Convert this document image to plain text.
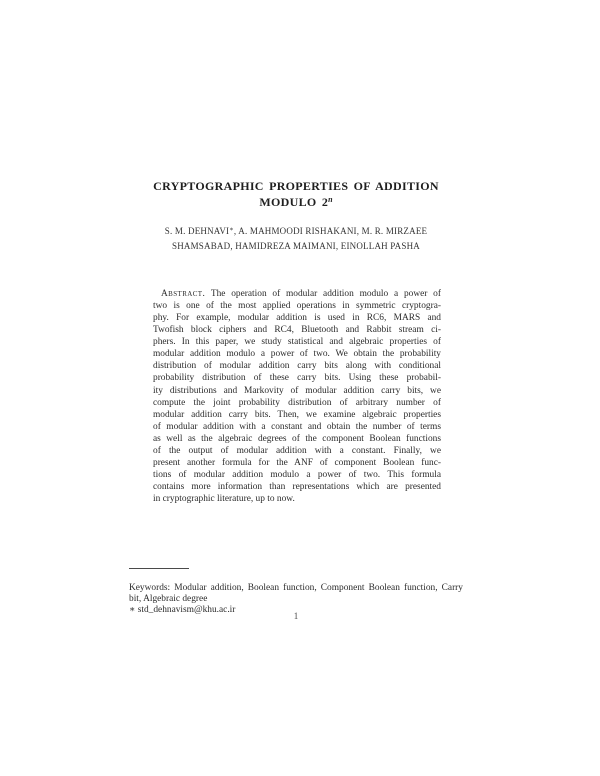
CRYPTOGRAPHIC PROPERTIES OF ADDITION
MODULO 2$^n$
S. M. DEHNAVI∗, A. MAHMOODI RISHAKANI, M. R. MIRZAEE
SHAMSABAD, HAMIDREZA MAIMANI, EINOLLAH PASHA
Abstract. The operation of modular addition modulo a power of
two is one of the most applied operations in symmetric cryptogra-
phy. For example, modular addition is used in RC6, MARS and
Twofish block ciphers and RC4, Bluetooth and Rabbit stream ci-
phers. In this paper, we study statistical and algebraic properties of
modular addition modulo a power of two. We obtain the probability
distribution of modular addition carry bits along with conditional
probability distribution of these carry bits. Using these probabil-
ity distributions and Markovity of modular addition carry bits, we
compute the joint probability distribution of arbitrary number of
modular addition carry bits. Then, we examine algebraic properties
of modular addition with a constant and obtain the number of terms
as well as the algebraic degrees of the component Boolean functions
of the output of modular addition with a constant. Finally, we
present another formula for the ANF of component Boolean func-
tions of modular addition modulo a power of two. This formula
contains more information than representations which are presented
in cryptographic literature, up to now.
Keywords: Modular addition, Boolean function, Component Boolean function, Carry
bit, Algebraic degree
∗ std_dehnavism@khu.ac.ir
1
